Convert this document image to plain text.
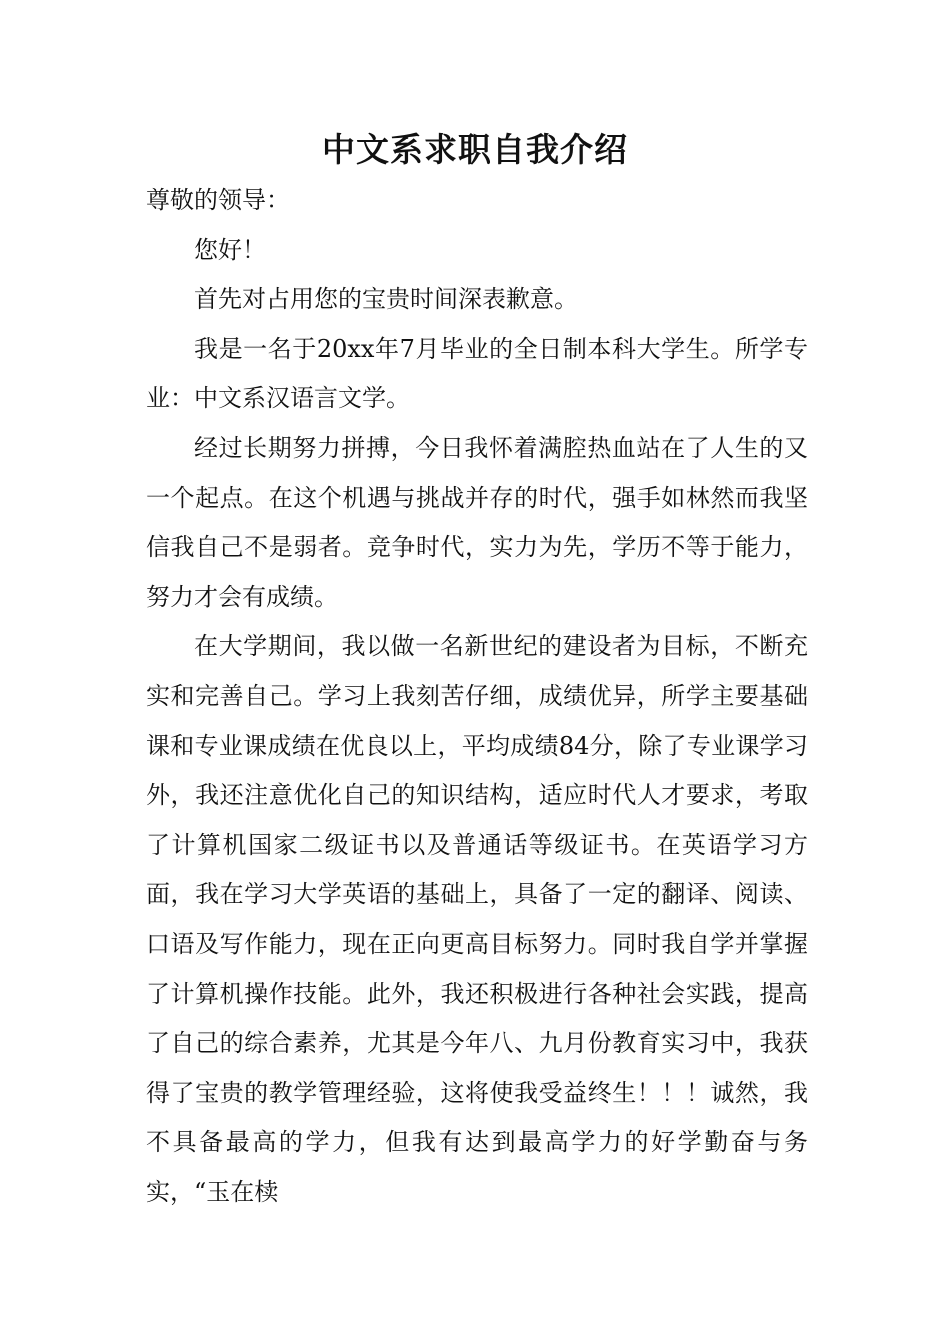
中文系求职自我介绍

尊敬的领导：

您好！

首先对占用您的宝贵时间深表歉意。

我是一名于20xx年7月毕业的全日制本科大学生。所学专业：中文系汉语言文学。

经过长期努力拼搏，今日我怀着满腔热血站在了人生的又一个起点。在这个机遇与挑战并存的时代，强手如林然而我坚信我自己不是弱者。竞争时代，实力为先，学历不等于能力，努力才会有成绩。

在大学期间，我以做一名新世纪的建设者为目标，不断充实和完善自己。学习上我刻苦仔细，成绩优异，所学主要基础课和专业课成绩在优良以上，平均成绩84分，除了专业课学习外，我还注意优化自己的知识结构，适应时代人才要求，考取了计算机国家二级证书以及普通话等级证书。在英语学习方面，我在学习大学英语的基础上，具备了一定的翻译、阅读、口语及写作能力，现在正向更高目标努力。同时我自学并掌握了计算机操作技能。此外，我还积极进行各种社会实践，提高了自己的综合素养，尤其是今年八、九月份教育实习中，我获得了宝贵的教学管理经验，这将使我受益终生！！！诚然，我不具备最高的学力，但我有达到最高学力的好学勤奋与务实，“玉在椟
